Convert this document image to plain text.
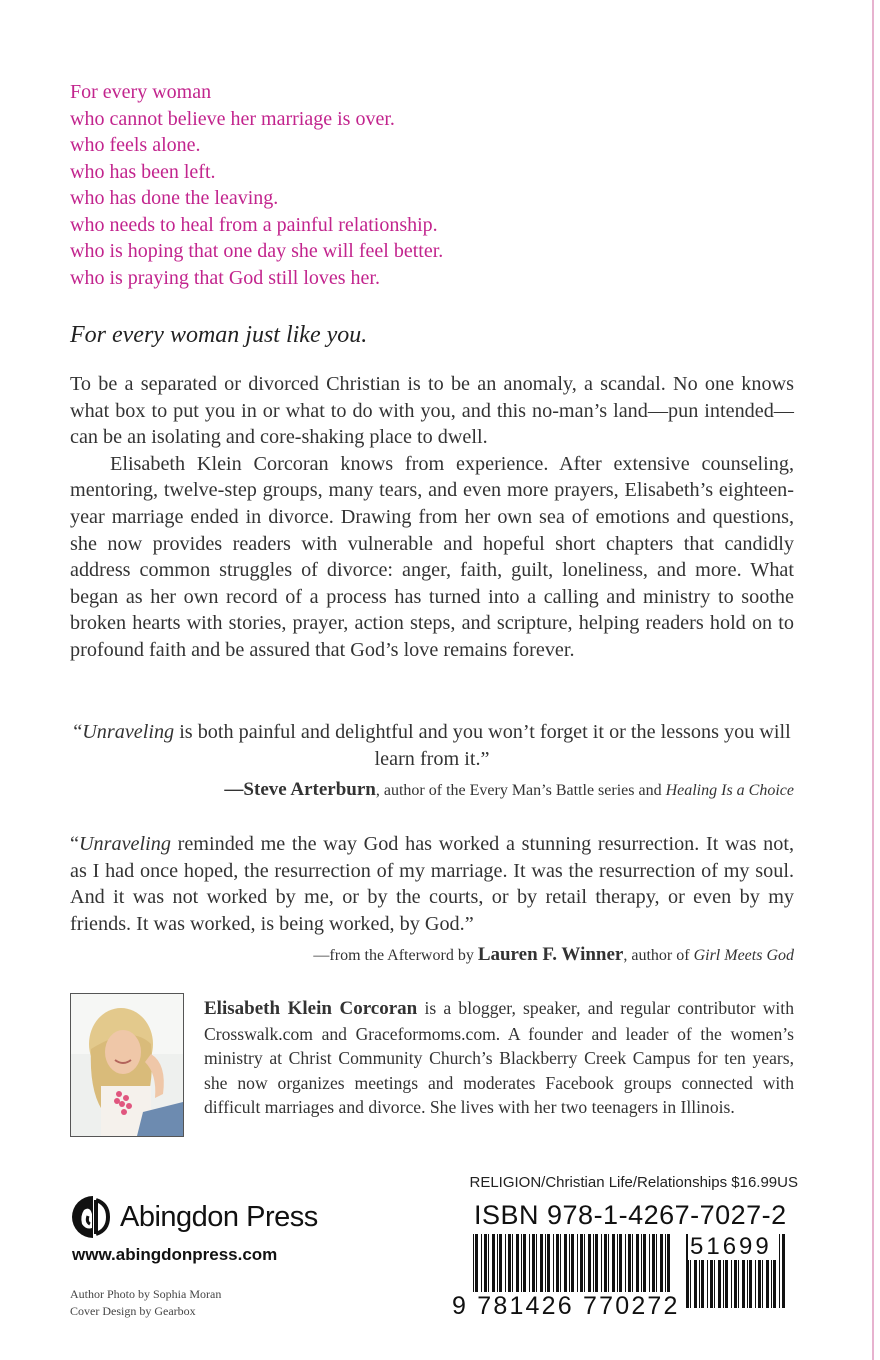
For every woman
who cannot believe her marriage is over.
who feels alone.
who has been left.
who has done the leaving.
who needs to heal from a painful relationship.
who is hoping that one day she will feel better.
who is praying that God still loves her.
For every woman just like you.

To be a separated or divorced Christian is to be an anomaly, a scandal. No one knows what box to put you in or what to do with you, and this no-man’s land—pun intended—can be an isolating and core-shaking place to dwell.

Elisabeth Klein Corcoran knows from experience. After extensive counseling, mentoring, twelve-step groups, many tears, and even more prayers, Elisabeth’s eighteen-year marriage ended in divorce. Drawing from her own sea of emotions and questions, she now provides readers with vulnerable and hopeful short chapters that candidly address common struggles of divorce: anger, faith, guilt, loneliness, and more. What began as her own record of a process has turned into a calling and ministry to soothe broken hearts with stories, prayer, action steps, and scripture, helping readers hold on to profound faith and be assured that God’s love remains forever.

“Unraveling is both painful and delightful and you won’t forget it or the lessons you will learn from it.”
—Steve Arterburn, author of the Every Man’s Battle series and Healing Is a Choice
“Unraveling reminded me the way God has worked a stunning resurrection. It was not, as I had once hoped, the resurrection of my marriage. It was the resurrection of my soul. And it was not worked by me, or by the courts, or by retail therapy, or even by my friends. It was worked, is being worked, by God.”
—from the Afterword by Lauren F. Winner, author of Girl Meets God
Elisabeth Klein Corcoran is a blogger, speaker, and regular contributor with Crosswalk.com and Graceformoms.com. A founder and leader of the women’s ministry at Christ Community Church’s Blackberry Creek Campus for ten years, she now organizes meetings and moderates Facebook groups connected with difficult marriages and divorce. She lives with her two teenagers in Illinois.
Abingdon Press
www.abingdonpress.com
Author Photo by Sophia Moran
Cover Design by Gearbox
RELIGION/Christian Life/Relationships $16.99US
ISBN 978-1-4267-7027-2
9 781426 770272
51699
